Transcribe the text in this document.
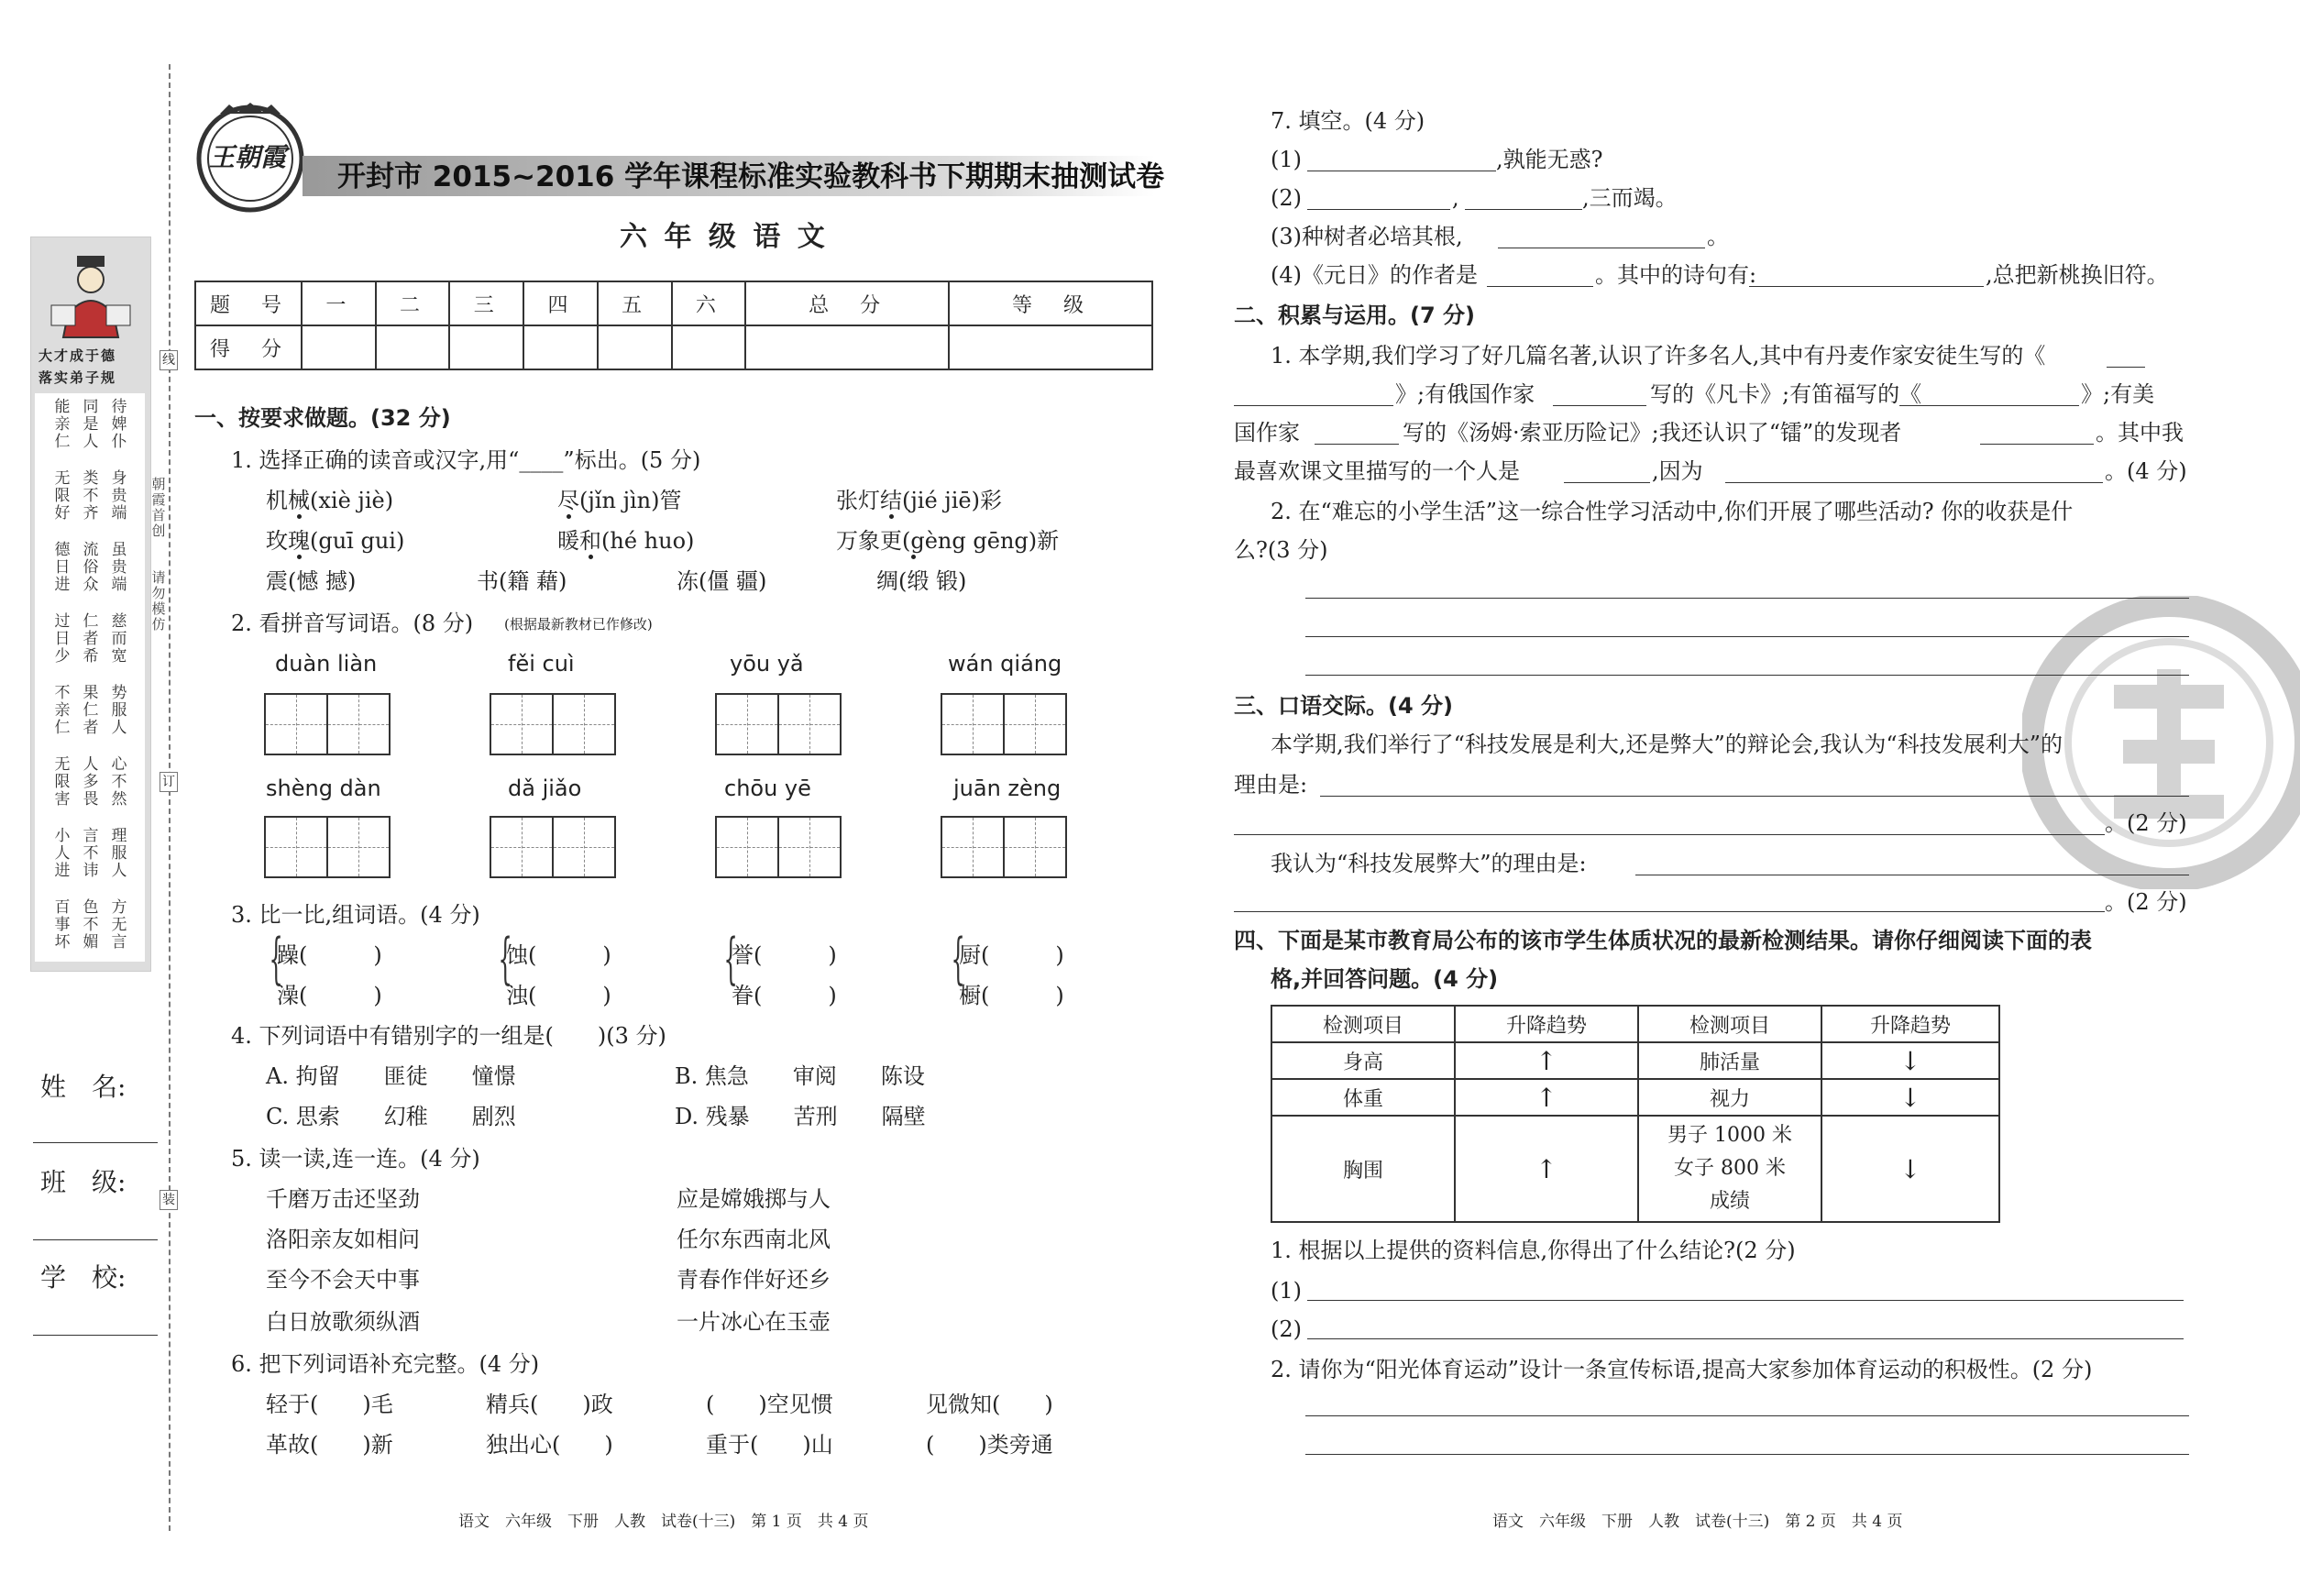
大才成于德
落实弟子规
能亲仁
同是人
待婢仆
无限好
类不齐
身贵端
德日进
流俗众
虽贵端
过日少
仁者希
慈而宽
不亲仁
果仁者
势服人
无限害
人多畏
心不然
小人进
言不讳
理服人
百事坏
色不媚
方无言
姓　名:
班　级:
学　校:
线
订
装
朝霞首创
请勿模仿
王朝霞
开封市 2015~2016 学年课程标准实验教科书下期期末抽测试卷
六 年 级 语 文
题　号	一	二	三	四	五	六	总　分	等　级
得　分								
一、按要求做题。(32 分)
1. 选择正确的读音或汉字,用“____”标出。(5 分)
机械(xiè jiè)	尽(jǐn jìn)管	张灯结(jié jiē)彩
玫瑰(guī gui)	暖和(hé huo)	万象更(gèng gēng)新
震(憾 撼)	书(籍 藉)	冻(僵 疆)	绸(缎 锻)
2. 看拼音写词语。(8 分) (根据最新教材已作修改)
duàn liàn	fěi cuì	yōu yǎ	wán qiáng
shèng dàn	dǎ jiǎo	chōu yē	juān zèng
3. 比一比,组词语。(4 分)
{	{	{	{
躁(　　　)
澡(　　　)
蚀(　　　)
浊(　　　)
誉(　　　)
眷(　　　)
厨(　　　)
橱(　　　)
4. 下列词语中有错别字的一组是(　　)(3 分)
A. 拘留　　匪徒　　憧憬	B. 焦急　　审阅　　陈设
C. 思索　　幻稚　　剧烈	D. 残暴　　苦刑　　隔壁
5. 读一读,连一连。(4 分)
千磨万击还坚劲
洛阳亲友如相问
至今不会天中事
白日放歌须纵酒
应是嫦娥掷与人
任尔东西南北风
青春作伴好还乡
一片冰心在玉壶
6. 把下列词语补充完整。(4 分)
轻于(　　)毛	精兵(　　)政	(　　)空见惯	见微知(　　)
革故(　　)新	独出心(　　)	重于(　　)山	(　　)类旁通
语文　六年级　下册　人教　试卷(十三)　第 1 页　共 4 页
7. 填空。(4 分)
(1)	,孰能无惑?
(2)	,	,三而竭。
(3)种树者必培其根,	。
(4)《元日》的作者是	。其中的诗句有:	,总把新桃换旧符。
二、积累与运用。(7 分)
1. 本学期,我们学习了好几篇名著,认识了许多名人,其中有丹麦作家安徒生写的《
》;有俄国作家	写的《凡卡》;有笛福写的《	》;有美
国作家	写的《汤姆·索亚历险记》;我还认识了“镭”的发现者	。其中我
最喜欢课文里描写的一个人是	,因为	。(4 分)
2. 在“难忘的小学生活”这一综合性学习活动中,你们开展了哪些活动? 你的收获是什
么?(3 分)
三、口语交际。(4 分)
本学期,我们举行了“科技发展是利大,还是弊大”的辩论会,我认为“科技发展利大”的
理由是:
。(2 分)
我认为“科技发展弊大”的理由是:
。(2 分)
四、下面是某市教育局公布的该市学生体质状况的最新检测结果。请你仔细阅读下面的表
格,并回答问题。(4 分)
检测项目	升降趋势	检测项目	升降趋势
身高	↑	肺活量	↓
体重	↑	视力	↓
胸围	↑	男子 1000 米
女子 800 米
成绩	↓
1. 根据以上提供的资料信息,你得出了什么结论?(2 分)
(1)
(2)
2. 请你为“阳光体育运动”设计一条宣传标语,提高大家参加体育运动的积极性。(2 分)
语文　六年级　下册　人教　试卷(十三)　第 2 页　共 4 页
